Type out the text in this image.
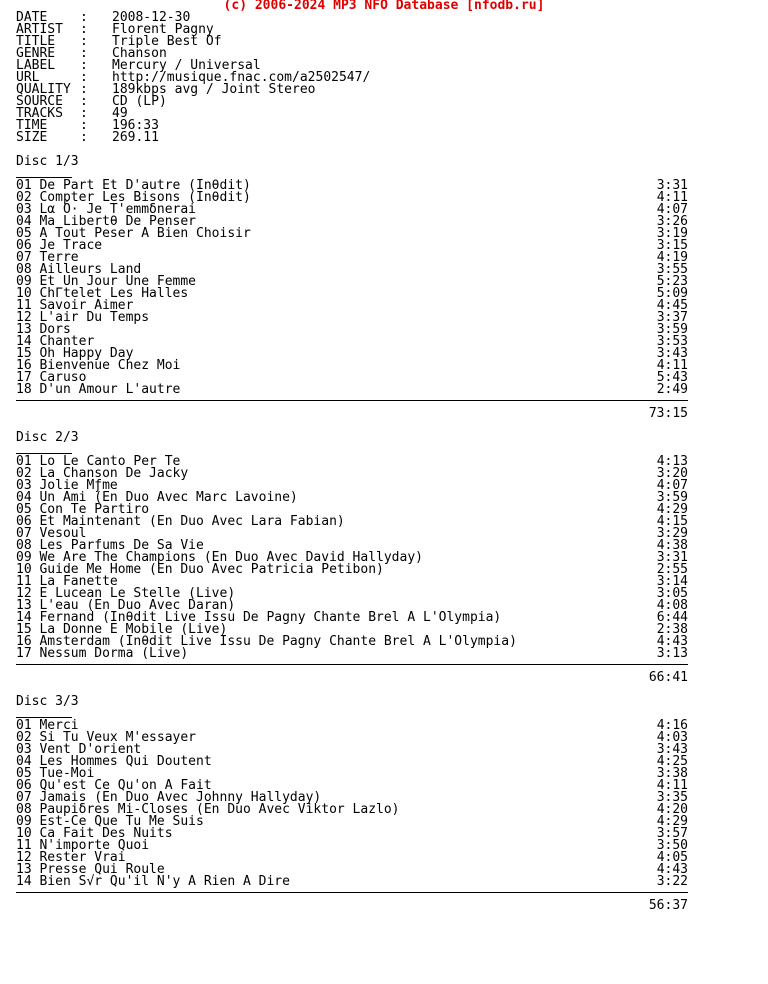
(c) 2006-2024 MP3 NFO Database [nfodb.ru]
DATE	: 2008-12-30
ARTIST : Florent Pagny
TITLE : Triple Best Of
GENRE : Chanson
LABEL : Mercury / Universal
URL	: http://musique.fnac.com/a2502547/
QUALITY : 189kbps avg / Joint Stereo
SOURCE : CD (LP)
TRACKS : 49
TIME	: 196:33
SIZE	: 269.11
Disc 1/3
01 De Part Et D'autre (Inθdit)	3:31
02 Compter Les Bisons (Inθdit)	4:11
03 Lα Ó· Je T'emmδnerai	4:07
04 Ma Libertθ De Penser	3:26
05 A Tout Peser A Bien Choisir	3:19
06 Je Trace	3:15
07 Terre	4:19
08 Ailleurs Land	3:55
09 Et Un Jour Une Femme	5:23
10 ChΓtelet Les Halles	5:09
11 Savoir Aimer	4:45
12 L'air Du Temps	3:37
13 Dors	3:59
14 Chanter	3:53
15 Oh Happy Day	3:43
16 Bienvenue Chez Moi	4:11
17 Caruso	5:43
18 D'un Amour L'autre	2:49
73:15
Disc 2/3
01 Lo Le Canto Per Te	4:13
02 La Chanson De Jacky	3:20
03 Jolie Mƒme	4:07
04 Un Ami (En Duo Avec Marc Lavoine)	3:59
05 Con Te Partiro	4:29
06 Et Maintenant (En Duo Avec Lara Fabian)	4:15
07 Vesoul	3:29
08 Les Parfums De Sa Vie	4:38
09 We Are The Champions (En Duo Avec David Hallyday)	3:31
10 Guide Me Home (En Duo Avec Patricia Petibon)	2:55
11 La Fanette	3:14
12 E Lucean Le Stelle (Live)	3:05
13 L'eau (En Duo Avec Daran)	4:08
14 Fernand (Inθdit Live Issu De Pagny Chante Brel A L'Olympia)	6:44
15 La Donne E Mobile (Live)	2:38
16 Amsterdam (Inθdit Live Issu De Pagny Chante Brel A L'Olympia)	4:43
17 Nessum Dorma (Live)	3:13
66:41
Disc 3/3
01 Merci	4:16
02 Si Tu Veux M'essayer	4:03
03 Vent D'orient	3:43
04 Les Hommes Qui Doutent	4:25
05 Tue-Moi	3:38
06 Qu'est Ce Qu'on A Fait	4:11
07 Jamais (En Duo Avec Johnny Hallyday)	3:35
08 Paupiδres Mi-Closes (En Duo Avec Viktor Lazlo)	4:20
09 Est-Ce Que Tu Me Suis	4:29
10 Ca Fait Des Nuits	3:57
11 N'importe Quoi	3:50
12 Rester Vrai	4:05
13 Presse Qui Roule	4:43
14 Bien S√r Qu'il N'y A Rien A Dire	3:22
56:37
